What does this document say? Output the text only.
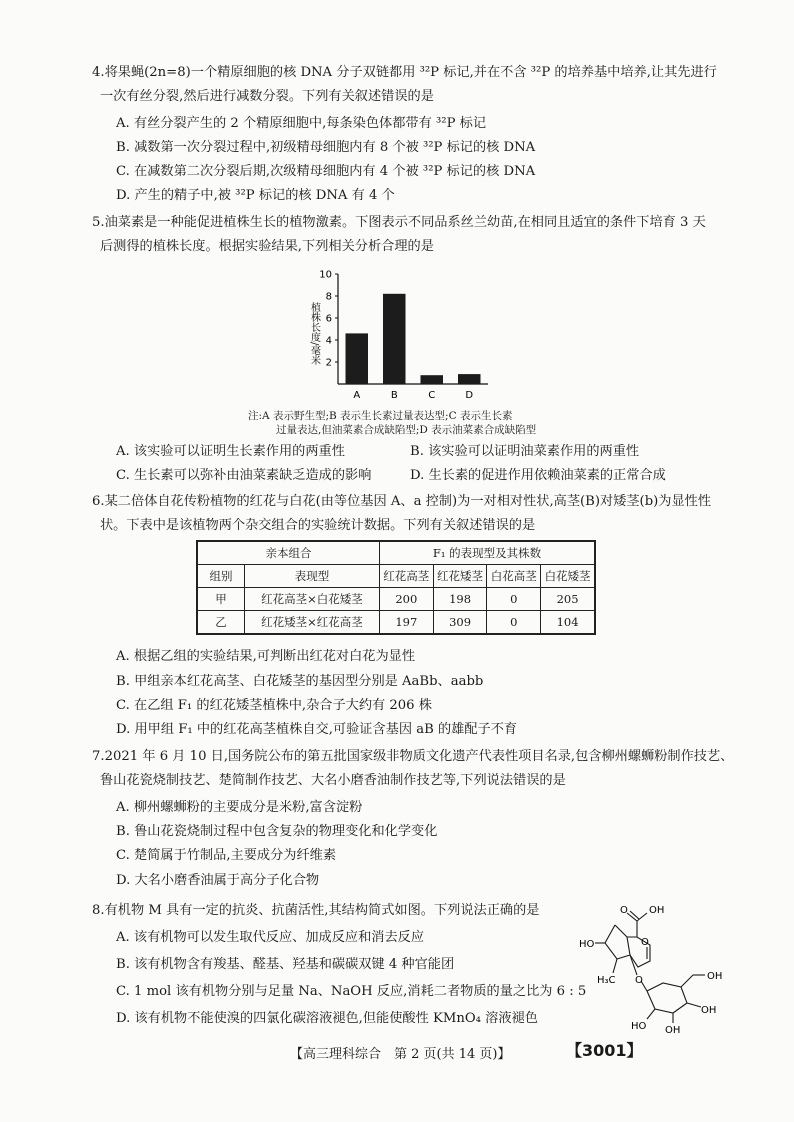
4.将果蝇(2n=8)一个精原细胞的核 DNA 分子双链都用 ³²P 标记,并在不含 ³²P 的培养基中培养,让其先进行
一次有丝分裂,然后进行减数分裂。下列有关叙述错误的是
A. 有丝分裂产生的 2 个精原细胞中,每条染色体都带有 ³²P 标记
B. 减数第一次分裂过程中,初级精母细胞内有 8 个被 ³²P 标记的核 DNA
C. 在减数第二次分裂后期,次级精母细胞内有 4 个被 ³²P 标记的核 DNA
D. 产生的精子中,被 ³²P 标记的核 DNA 有 4 个
5.油菜素是一种能促进植株生长的植物激素。下图表示不同品系丝兰幼苗,在相同且适宜的条件下培育 3 天
后测得的植株长度。根据实验结果,下列相关分析合理的是
2
4
6
8
10
植株长度/毫米
A	B	C	D
注:A 表示野生型;B 表示生长素过量表达型;C 表示生长素
过量表达,但油菜素合成缺陷型;D 表示油菜素合成缺陷型
A. 该实验可以证明生长素作用的两重性	B. 该实验可以证明油菜素作用的两重性
C. 生长素可以弥补由油菜素缺乏造成的影响	D. 生长素的促进作用依赖油菜素的正常合成
6.某二倍体自花传粉植物的红花与白花(由等位基因 A、a 控制)为一对相对性状,高茎(B)对矮茎(b)为显性性
状。下表中是该植物两个杂交组合的实验统计数据。下列有关叙述错误的是
亲本组合		F₁ 的表现型及其株数			
组别	表现型	红花高茎	红花矮茎	白花高茎	白花矮茎
甲	红花高茎×白花矮茎	200	198	0	205
乙	红花矮茎×红花高茎	197	309	0	104
A. 根据乙组的实验结果,可判断出红花对白花为显性
B. 甲组亲本红花高茎、白花矮茎的基因型分别是 AaBb、aabb
C. 在乙组 F₁ 的红花矮茎植株中,杂合子大约有 206 株
D. 用甲组 F₁ 中的红花高茎植株自交,可验证含基因 aB 的雄配子不育
7.2021 年 6 月 10 日,国务院公布的第五批国家级非物质文化遗产代表性项目名录,包含柳州螺蛳粉制作技艺、
鲁山花瓷烧制技艺、楚简制作技艺、大名小磨香油制作技艺等,下列说法错误的是
A. 柳州螺蛳粉的主要成分是米粉,富含淀粉
B. 鲁山花瓷烧制过程中包含复杂的物理变化和化学变化
C. 楚简属于竹制品,主要成分为纤维素
D. 大名小磨香油属于高分子化合物
8.有机物 M 具有一定的抗炎、抗菌活性,其结构简式如图。下列说法正确的是
A. 该有机物可以发生取代反应、加成反应和消去反应
B. 该有机物含有羧基、醛基、羟基和碳碳双键 4 种官能团
C. 1 mol 该有机物分别与足量 Na、NaOH 反应,消耗二者物质的量之比为 6 : 5
D. 该有机物不能使溴的四氯化碳溶液褪色,但能使酸性 KMnO₄ 溶液褪色
O OH
O
HO
H₃C O	OH
OH
OH
HO
【高三理科综合　第 2 页(共 14 页)】	【3001】
